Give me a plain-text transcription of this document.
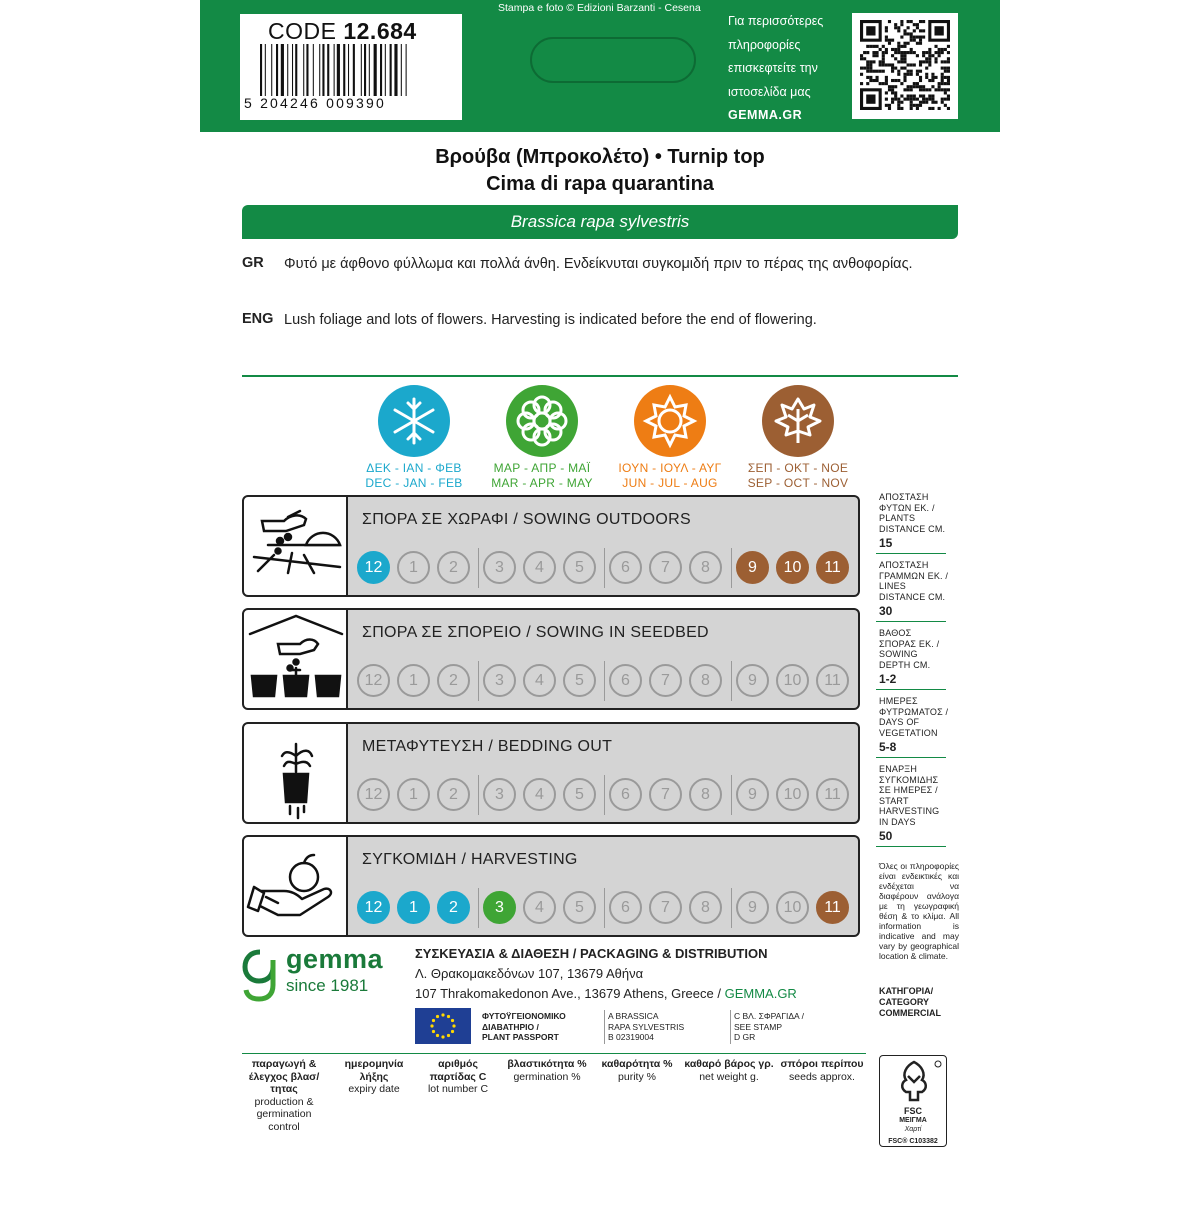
CODE 12.684
5 204246 009390	ΚΩΔ 17.081
Stampa e foto © Edizioni Barzanti - Cesena
Για περισσότερες
πληροφορίες
επισκεφτείτε την
ιστοσελίδα μας
GEMMA.GR
Βρούβα (Μπροκολέτο) • Turnip top
Cima di rapa quarantina
Brassica rapa sylvestris
GR Φυτό με άφθονο φύλλωμα και πολλά άνθη. Ενδείκνυται συγκομιδή πριν το πέρας της ανθοφορίας.
ENG Lush foliage and lots of flowers. Harvesting is indicated before the end of flowering.
ΔΕΚ - ΙΑΝ - ΦΕΒ
DEC - JAN - FEB
ΜΑΡ - ΑΠΡ - ΜΑΪ
MAR - APR - MAY
ΙΟΥΝ - ΙΟΥΛ - ΑΥΓ
JUN - JUL - AUG
ΣΕΠ - ΟΚΤ - ΝΟΕ
SEP - OCT - NOV
ΣΠΟΡΑ ΣΕ ΧΩΡΑΦΙ / SOWING OUTDOORS
12	1	2	3	4	5	6	7	8	9	10	11
ΣΠΟΡΑ ΣΕ ΣΠΟΡΕΙΟ / SOWING IN SEEDBED
12	1	2	3	4	5	6	7	8	9	10	11
ΜΕΤΑΦΥΤΕΥΣΗ / BEDDING OUT
12	1	2	3	4	5	6	7	8	9	10	11
ΣΥΓΚΟΜΙΔΗ / HARVESTING
12	1	2	3	4	5	6	7	8	9	10	11
ΑΠΟΣΤΑΣΗ
ΦΥΤΩΝ ΕΚ. /
PLANTS
DISTANCE CM.
15
ΑΠΟΣΤΑΣΗ
ΓΡΑΜΜΩΝ ΕΚ. /
LINES
DISTANCE CM.
30
ΒΑΘΟΣ
ΣΠΟΡΑΣ ΕΚ. /
SOWING
DEPTH CM.
1-2
ΗΜΕΡΕΣ
ΦΥΤΡΩΜΑΤΟΣ /
DAYS OF
VEGETATION
5-8
ΕΝΑΡΞΗ
ΣΥΓΚΟΜΙΔΗΣ
ΣΕ ΗΜΕΡΕΣ /
START
HARVESTING
IN DAYS
50
Όλες οι πληροφορίες είναι ενδεικτικές και ενδέχεται να διαφέρουν ανάλογα με τη γεωγραφική θέση & το κλίμα. All information is indicative and may vary by geographical location & climate.
ΚΑΤΗΓΟΡΙΑ/ CATEGORY
COMMERCIAL
gemma
since 1981
ΣΥΣΚΕΥΑΣΙΑ & ΔΙΑΘΕΣΗ / PACKAGING & DISTRIBUTION
Λ. Θρακομακεδόνων 107, 13679 Αθήνα
107 Thrakomakedonon Ave., 13679 Athens, Greece / GEMMA.GR
ΦΥΤΟΫΓΕΙΟΝΟΜΙΚΟ
ΔΙΑΒΑΤΗΡΙΟ /
PLANT PASSPORT
A BRASSICA
RAPA SYLVESTRIS
B 02319004
C ΒΛ. ΣΦΡΑΓΙΔΑ /
SEE STAMP
D GR
παραγωγή & έλεγχος βλασ/τητας
production & germination control
ημερομηνία λήξης
expiry date
αριθμός παρτίδας C
lot number C
βλαστικότητα %
germination %
καθαρότητα %
purity %
καθαρό βάρος γρ.
net weight g.
σπόροι περίπου
seeds approx.
FSC
ΜΕΙΓΜΑ
Χαρτί
FSC® C103382
